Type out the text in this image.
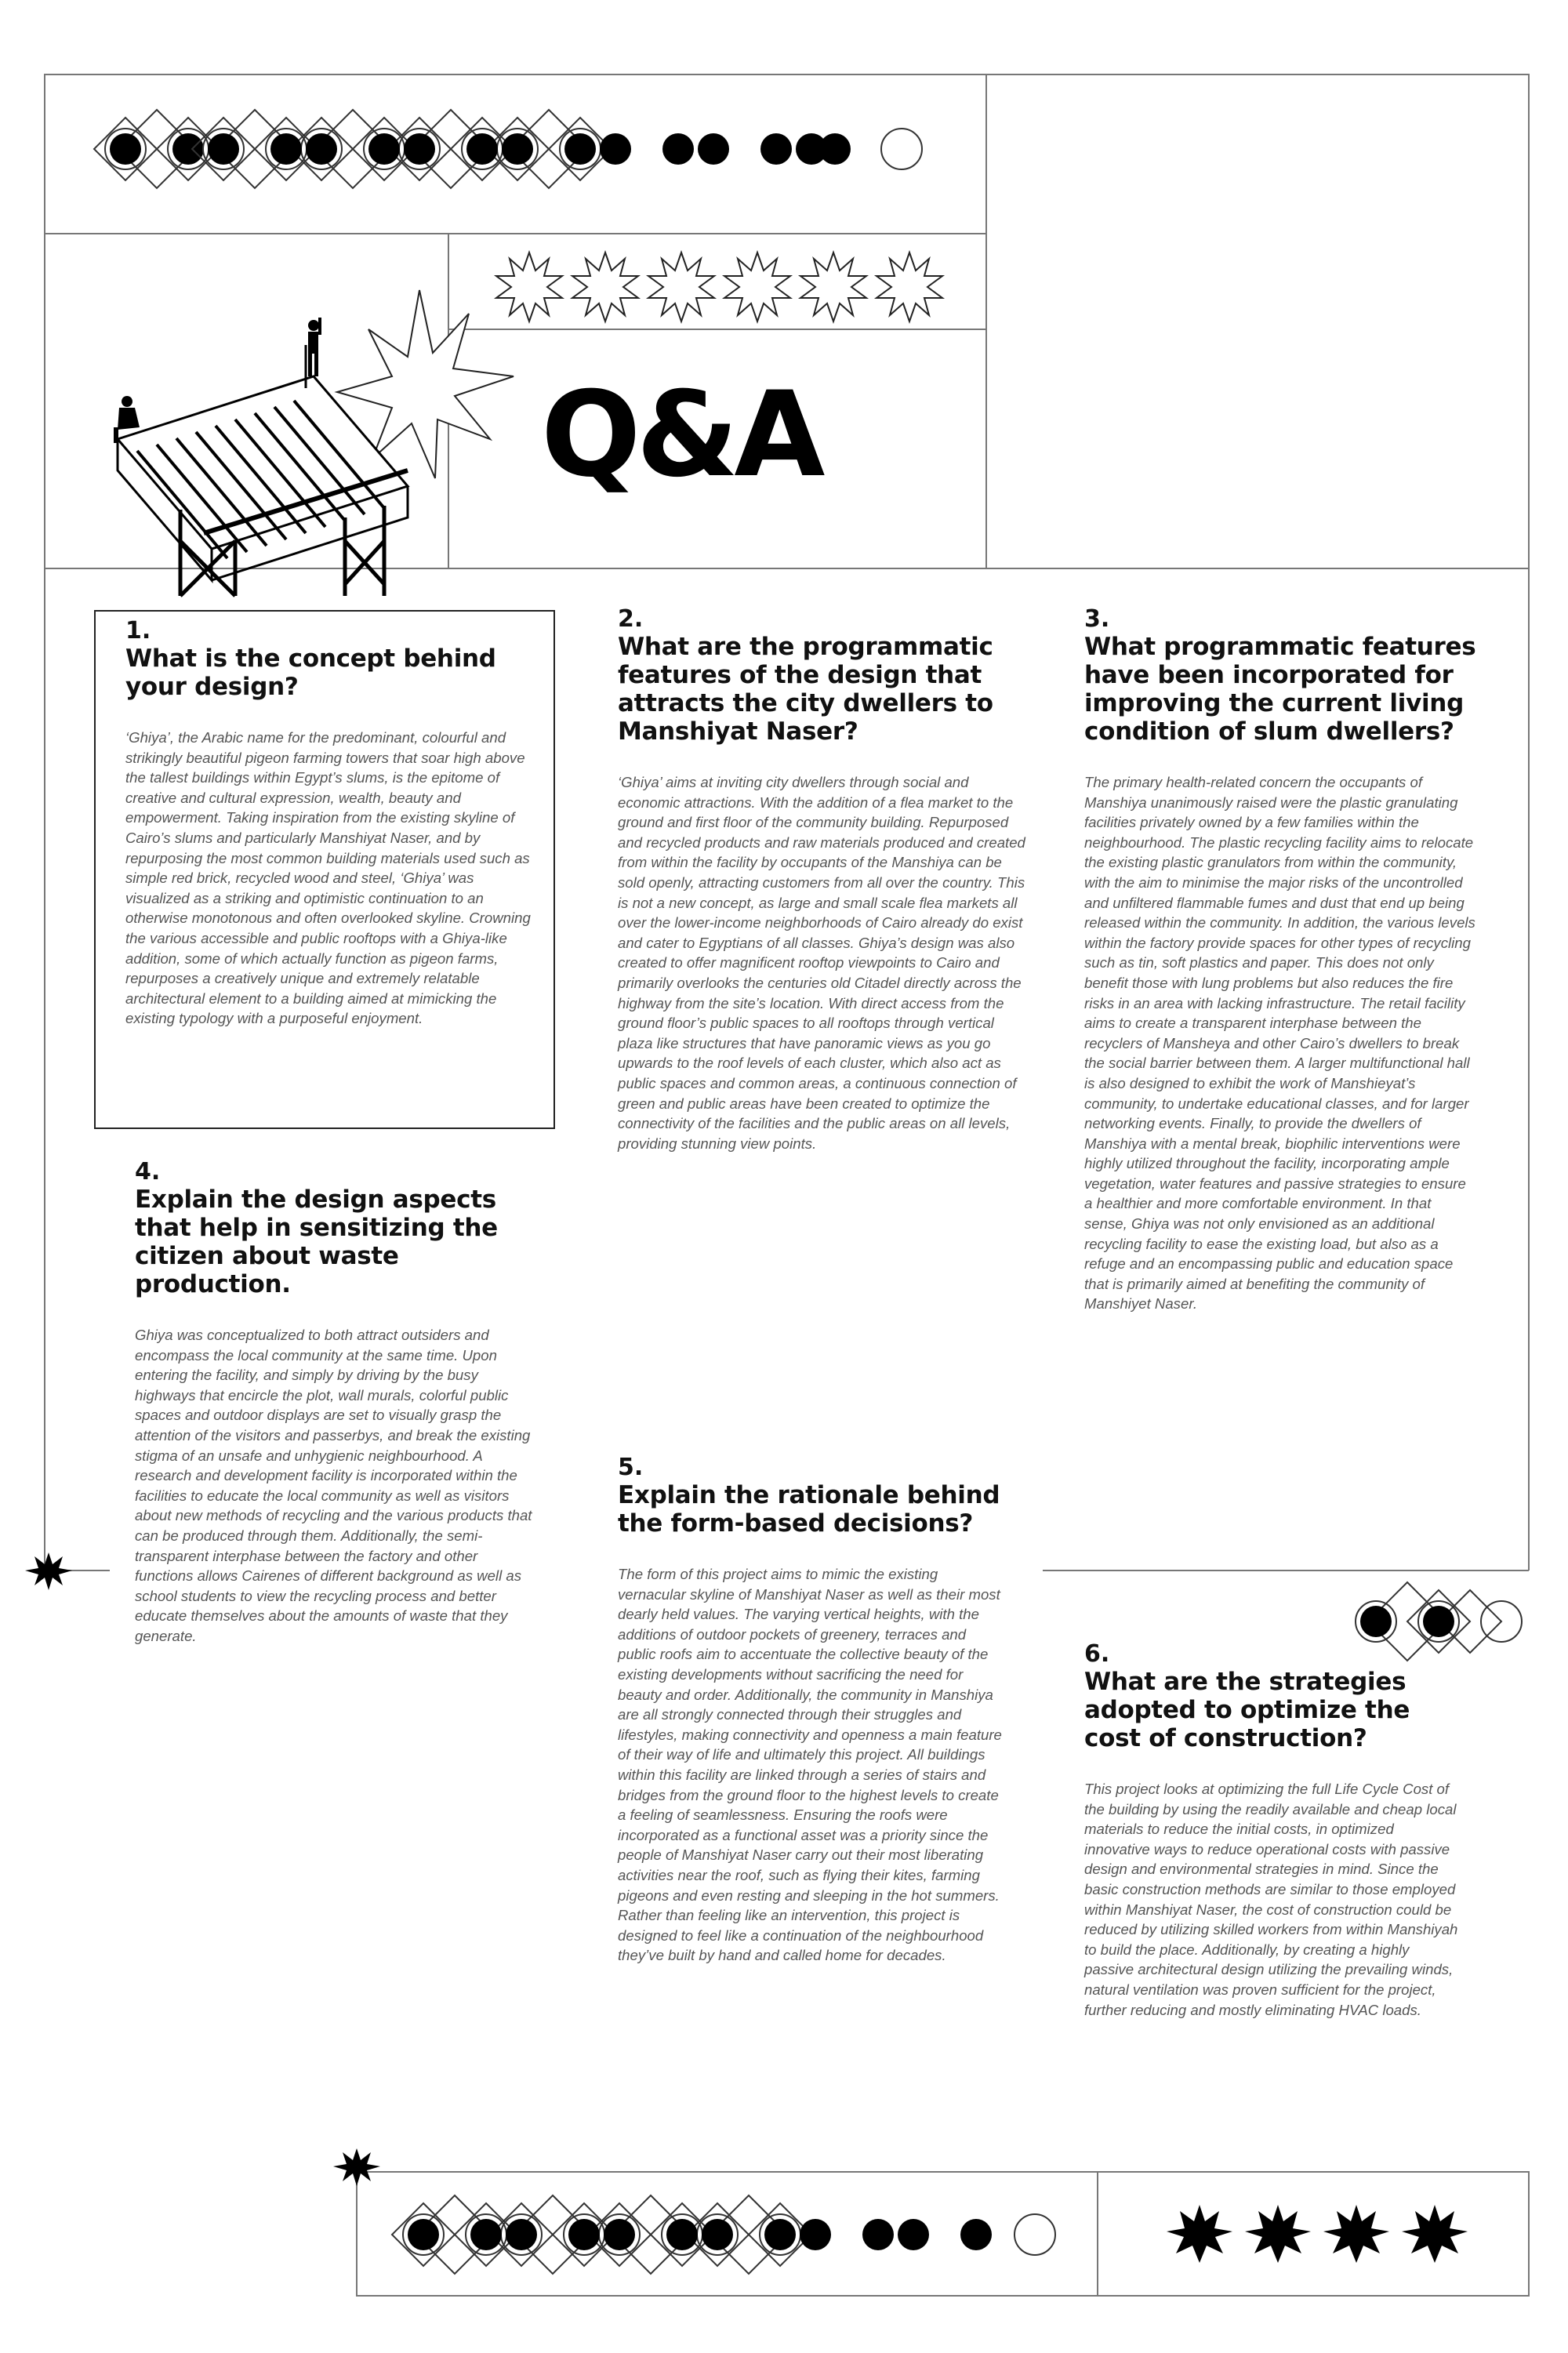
Q&A

1.

What is the concept behind your design?

‘Ghiya’, the Arabic name for the predominant, colourful and strikingly beautiful pigeon farming towers that soar high above the tallest buildings within Egypt’s slums, is the epitome of creative and cultural expression, wealth, beauty and empowerment. Taking inspiration from the existing skyline of Cairo’s slums and particularly Manshiyat Naser, and by repurposing the most common building materials used such as simple red brick, recycled wood and steel, ‘Ghiya’ was visualized as a striking and optimistic continuation to an otherwise monotonous and often overlooked skyline. Crowning the various accessible and public rooftops with a Ghiya-like addition, some of which actually function as pigeon farms, repurposes a creatively unique and extremely relatable architectural element to a building aimed at mimicking the existing typology with a purposeful enjoyment.

2.

What are the programmatic features of the design that attracts the city dwellers to Manshiyat Naser?

‘Ghiya’ aims at inviting city dwellers through social and economic attractions. With the addition of a flea market to the ground and first floor of the community building. Repurposed and recycled products and raw materials produced and created from within the facility by occupants of the Manshiya can be sold openly, attracting customers from all over the country. This is not a new concept, as large and small scale flea markets all over the lower-income neighborhoods of Cairo already do exist and cater to Egyptians of all classes. Ghiya’s design was also created to offer magnificent rooftop viewpoints to Cairo and primarily overlooks the centuries old Citadel directly across the highway from the site’s location. With direct access from the ground floor’s public spaces to all rooftops through vertical plaza like structures that have panoramic views as you go upwards to the roof levels of each cluster, which also act as public spaces and common areas, a continuous connection of green and public areas have been created to optimize the connectivity of the facilities and the public areas on all levels, providing stunning view points.

3.

What programmatic features have been incorporated for improving the current living condition of slum dwellers?

The primary health-related concern the occupants of Manshiya unanimously raised were the plastic granulating facilities privately owned by a few families within the neighbourhood. The plastic recycling facility aims to relocate the existing plastic granulators from within the community, with the aim to minimise the major risks of the uncontrolled and unfiltered flammable fumes and dust that end up being released within the community. In addition, the various levels within the factory provide spaces for other types of recycling such as tin, soft plastics and paper. This does not only benefit those with lung problems but also reduces the fire risks in an area with lacking infrastructure. The retail facility aims to create a transparent interphase between the recyclers of Mansheya and other Cairo’s dwellers to break the social barrier between them. A larger multifunctional hall is also designed to exhibit the work of Manshieyat’s community, to undertake educational classes, and for larger networking events. Finally, to provide the dwellers of Manshiya with a mental break, biophilic interventions were highly utilized throughout the facility, incorporating ample vegetation, water features and passive strategies to ensure a healthier and more comfortable environment. In that sense, Ghiya was not only envisioned as an additional recycling facility to ease the existing load, but also as a refuge and an encompassing public and education space that is primarily aimed at benefiting the community of Manshiyet Naser.

4.

Explain the design aspects that help in sensitizing the citizen about waste production.

Ghiya was conceptualized to both attract outsiders and encompass the local community at the same time. Upon entering the facility, and simply by driving by the busy highways that encircle the plot, wall murals, colorful public spaces and outdoor displays are set to visually grasp the attention of the visitors and passerbys, and break the existing stigma of an unsafe and unhygienic neighbourhood. A research and development facility is incorporated within the facilities to educate the local community as well as visitors about new methods of recycling and the various products that can be produced through them. Additionally, the semi-transparent interphase between the factory and other functions allows Cairenes of different background as well as school students to view the recycling process and better educate themselves about the amounts of waste that they generate.

5.

Explain the rationale behind the form-based decisions?

The form of this project aims to mimic the existing vernacular skyline of Manshiyat Naser as well as their most dearly held values. The varying vertical heights, with the additions of outdoor pockets of greenery, terraces and public roofs aim to accentuate the collective beauty of the existing developments without sacrificing the need for beauty and order. Additionally, the community in Manshiya are all strongly connected through their struggles and lifestyles, making connectivity and openness a main feature of their way of life and ultimately this project. All buildings within this facility are linked through a series of stairs and bridges from the ground floor to the highest levels to create a feeling of seamlessness. Ensuring the roofs were incorporated as a functional asset was a priority since the people of Manshiyat Naser carry out their most liberating activities near the roof, such as flying their kites, farming pigeons and even resting and sleeping in the hot summers. Rather than feeling like an intervention, this project is designed to feel like a continuation of the neighbourhood they’ve built by hand and called home for decades.

6.

What are the strategies adopted to optimize the cost of construction?

This project looks at optimizing the full Life Cycle Cost of the building by using the readily available and cheap local materials to reduce the initial costs, in optimized innovative ways to reduce operational costs with passive design and environmental strategies in mind. Since the basic construction methods are similar to those employed within Manshiyat Naser, the cost of construction could be reduced by utilizing skilled workers from within Manshiyah to build the place. Additionally, by creating a highly passive architectural design utilizing the prevailing winds, natural ventilation was proven sufficient for the project, further reducing and mostly eliminating HVAC loads.
